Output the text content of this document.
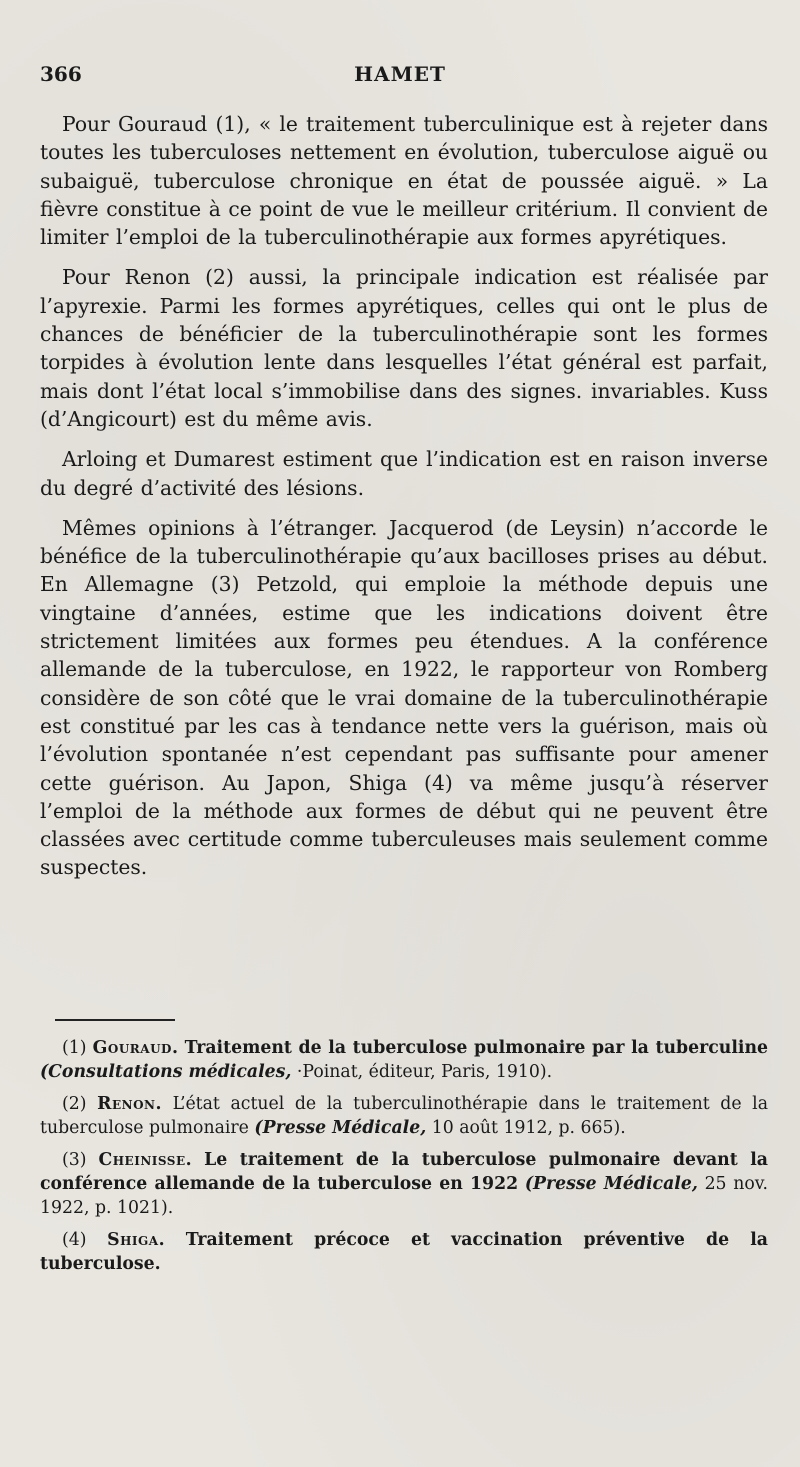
366	HAMET

Pour Gouraud (1), « le traitement tuberculinique est à rejeter dans toutes les tuberculoses nettement en évolution, tuberculose aiguë ou subaiguë, tuberculose chronique en état de poussée aiguë. » La fièvre constitue à ce point de vue le meilleur critérium. Il convient de limiter l’emploi de la tuberculinothérapie aux formes apyrétiques.

Pour Renon (2) aussi, la principale indication est réalisée par l’apyrexie. Parmi les formes apyrétiques, celles qui ont le plus de chances de bénéficier de la tuberculinothérapie sont les formes torpides à évolution lente dans lesquelles l’état général est parfait, mais dont l’état local s’immobilise dans des signes. invariables. Kuss (d’Angicourt) est du même avis.

Arloing et Dumarest estiment que l’indication est en raison inverse du degré d’activité des lésions.

Mêmes opinions à l’étranger. Jacquerod (de Leysin) n’accorde le bénéfice de la tuberculinothérapie qu’aux bacilloses prises au début. En Allemagne (3) Petzold, qui emploie la méthode depuis une vingtaine d’années, estime que les indications doivent être strictement limitées aux formes peu étendues. A la conférence allemande de la tuberculose, en 1922, le rapporteur von Romberg considère de son côté que le vrai domaine de la tuberculinothérapie est constitué par les cas à tendance nette vers la guérison, mais où l’évolution spontanée n’est cependant pas suffisante pour amener cette guérison. Au Japon, Shiga (4) va même jusqu’à réserver l’emploi de la méthode aux formes de début qui ne peuvent être classées avec certitude comme tuberculeuses mais seulement comme suspectes.

(1) Gouraud. Traitement de la tuberculose pulmonaire par la tuberculine (Consultations médicales, ·Poinat, éditeur, Paris, 1910).

(2) Renon. L’état actuel de la tuberculinothérapie dans le traitement de la tuberculose pulmonaire (Presse Médicale, 10 août 1912, p. 665).

(3) Cheinisse. Le traitement de la tuberculose pulmonaire devant la conférence allemande de la tuberculose en 1922 (Presse Médicale, 25 nov. 1922, p. 1021).

(4) Shiga. Traitement précoce et vaccination préventive de la tuberculose.
